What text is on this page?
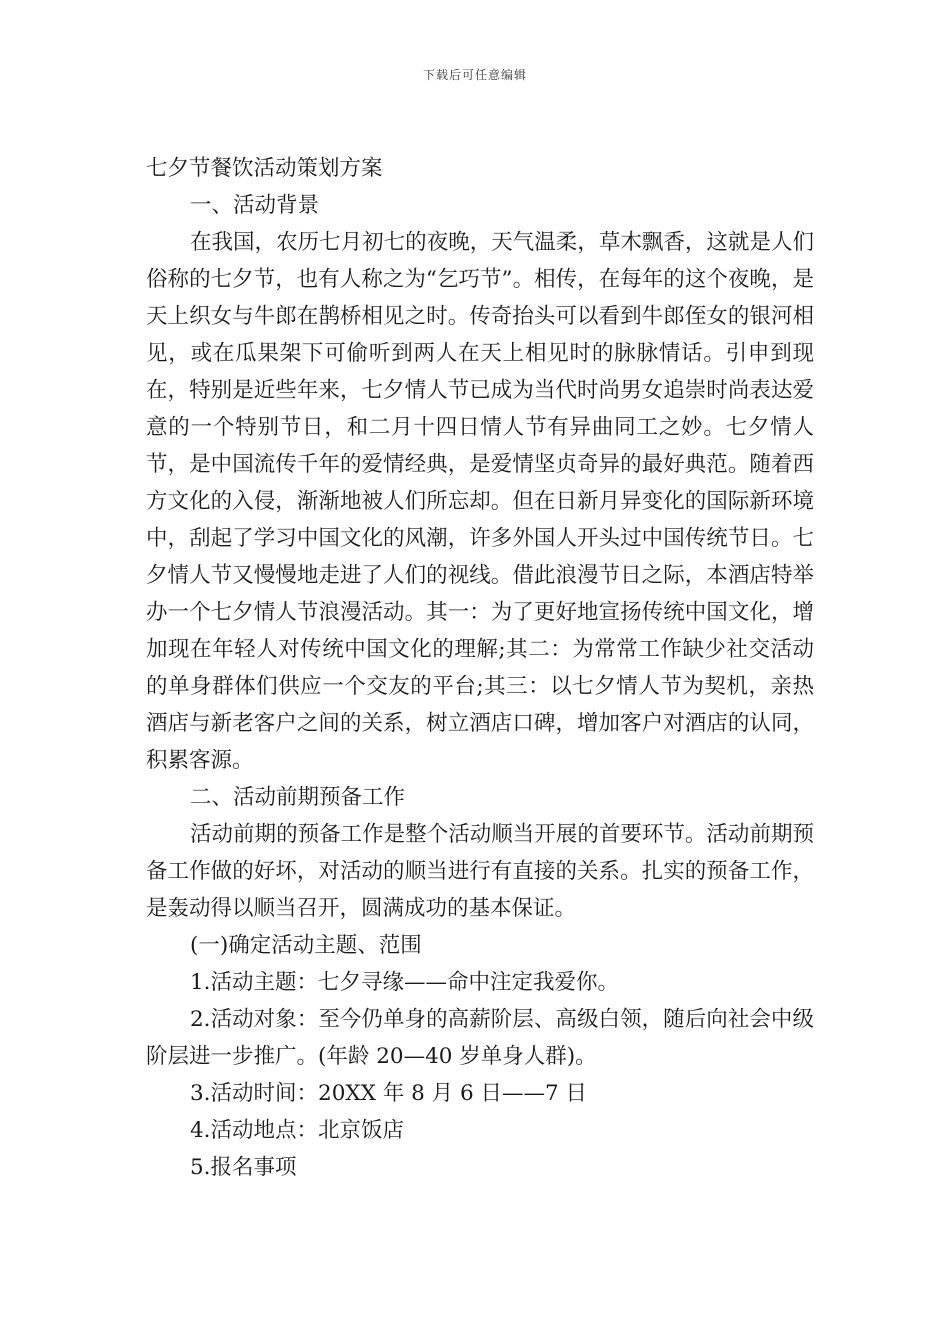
下载后可任意编辑

七夕节餐饮活动策划方案

一、活动背景

在我国，农历七月初七的夜晚，天气温柔，草木飘香，这就是人们俗称的七夕节，也有人称之为“乞巧节”。相传，在每年的这个夜晚，是天上织女与牛郎在鹊桥相见之时。传奇抬头可以看到牛郎侄女的银河相见，或在瓜果架下可偷听到两人在天上相见时的脉脉情话。引申到现在，特别是近些年来，七夕情人节已成为当代时尚男女追崇时尚表达爱意的一个特别节日，和二月十四日情人节有异曲同工之妙。七夕情人节，是中国流传千年的爱情经典，是爱情坚贞奇异的最好典范。随着西方文化的入侵，渐渐地被人们所忘却。但在日新月异变化的国际新环境中，刮起了学习中国文化的风潮，许多外国人开头过中国传统节日。七夕情人节又慢慢地走进了人们的视线。借此浪漫节日之际，本酒店特举办一个七夕情人节浪漫活动。其一：为了更好地宣扬传统中国文化，增加现在年轻人对传统中国文化的理解;其二：为常常工作缺少社交活动的单身群体们供应一个交友的平台;其三：以七夕情人节为契机，亲热酒店与新老客户之间的关系，树立酒店口碑，增加客户对酒店的认同，积累客源。

二、活动前期预备工作

活动前期的预备工作是整个活动顺当开展的首要环节。活动前期预备工作做的好坏，对活动的顺当进行有直接的关系。扎实的预备工作，是轰动得以顺当召开，圆满成功的基本保证。

(一)确定活动主题、范围

1.活动主题：七夕寻缘——命中注定我爱你。

2.活动对象：至今仍单身的高薪阶层、高级白领，随后向社会中级阶层进一步推广。(年龄 20—40 岁单身人群)。

3.活动时间：20XX 年 8 月 6 日——7 日

4.活动地点：北京饭店

5.报名事项
